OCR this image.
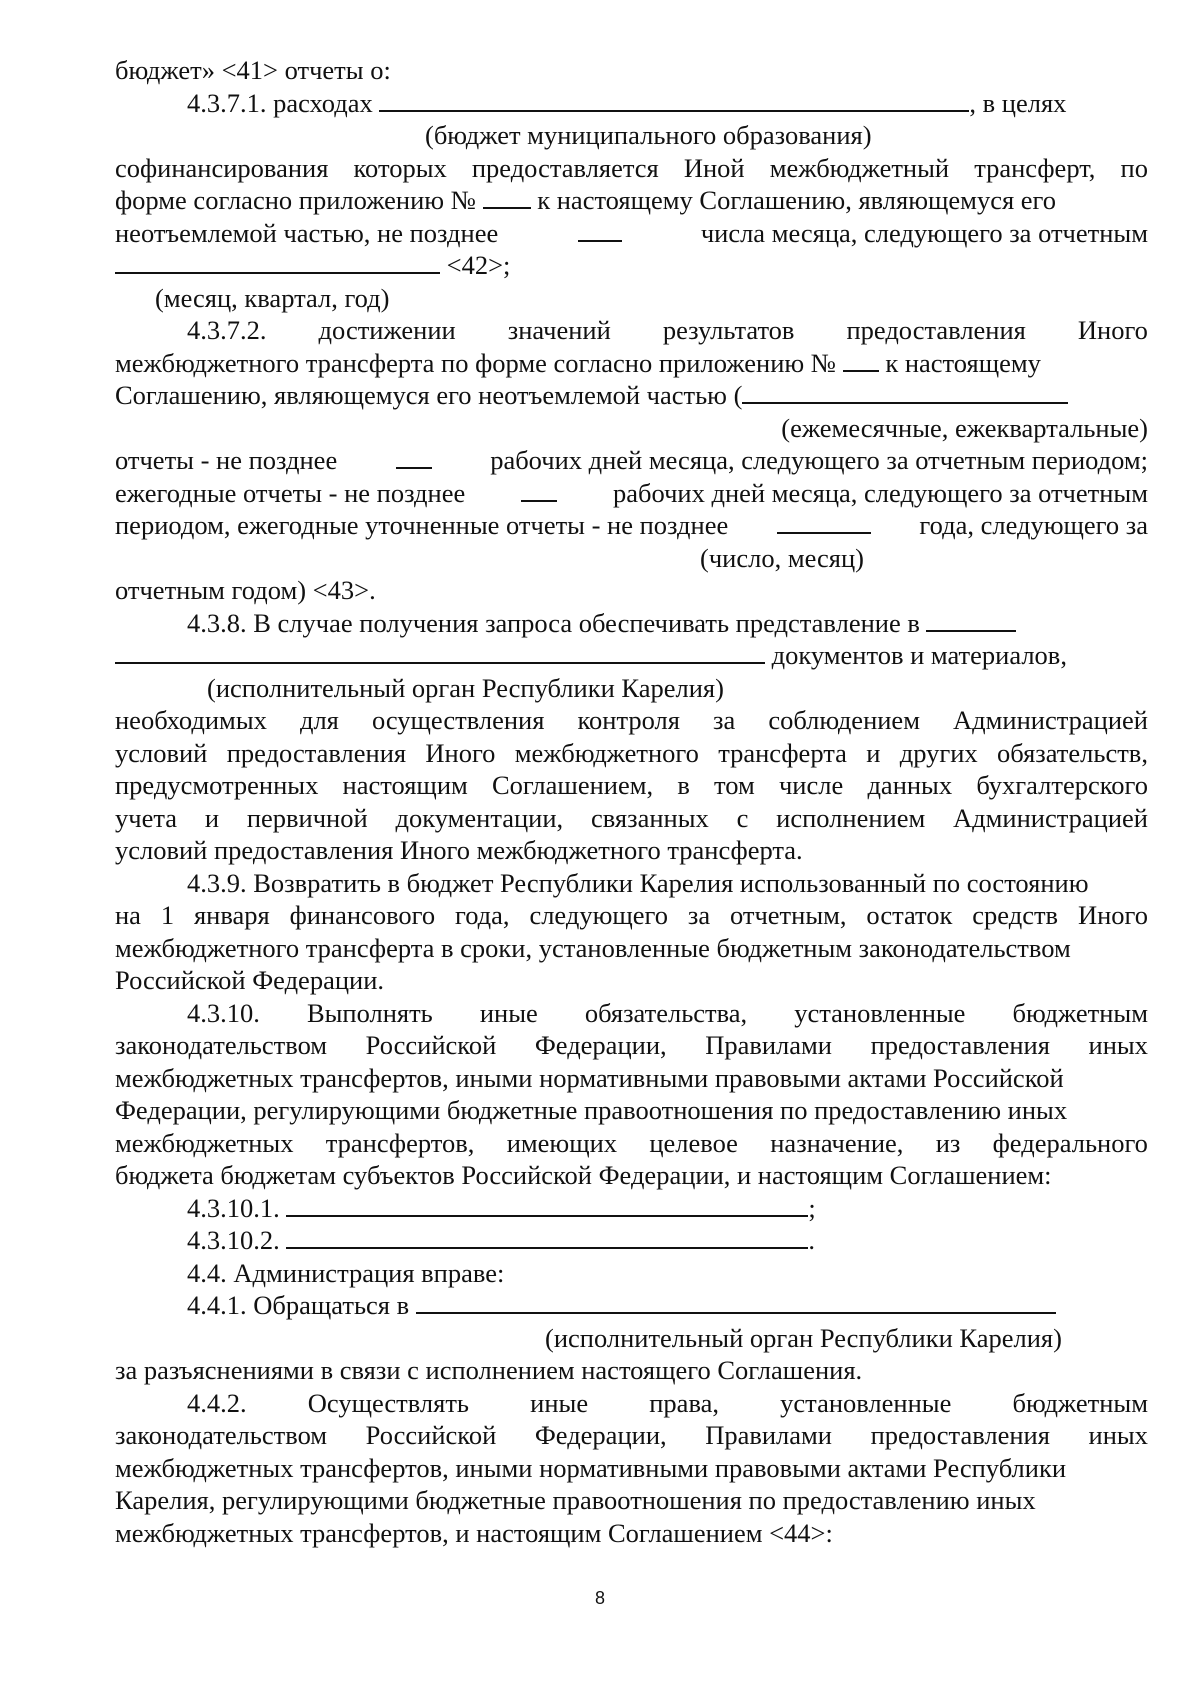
бюджет» <41> отчеты о:
4.3.7.1. расходах	, в целях
(бюджет муниципального образования)
софинансирования которых предоставляется Иной межбюджетный трансферт, по
форме согласно приложению № к настоящему Соглашению, являющемуся его
неотъемлемой частью, не позднее	числа месяца, следующего за отчетным
<42>;
(месяц, квартал, год)
4.3.7.2. достижении значений результатов предоставления Иного
межбюджетного трансферта по форме согласно приложению № к настоящему
Соглашению, являющемуся его неотъемлемой частью (
(ежемесячные, ежеквартальные)
отчеты - не позднее	рабочих дней месяца, следующего за отчетным периодом;
ежегодные отчеты - не позднее	рабочих дней месяца, следующего за отчетным
периодом, ежегодные уточненные отчеты - не позднее	года, следующего за
(число, месяц)
отчетным годом) <43>.
4.3.8. В случае получения запроса обеспечивать представление в
документов и материалов,
(исполнительный орган Республики Карелия)
необходимых для осуществления контроля за соблюдением Администрацией
условий предоставления Иного межбюджетного трансферта и других обязательств,
предусмотренных настоящим Соглашением, в том числе данных бухгалтерского
учета и первичной документации, связанных с исполнением Администрацией
условий предоставления Иного межбюджетного трансферта.
4.3.9. Возвратить в бюджет Республики Карелия использованный по состоянию
на 1 января финансового года, следующего за отчетным, остаток средств Иного
межбюджетного трансферта в сроки, установленные бюджетным законодательством
Российской Федерации.
4.3.10. Выполнять иные обязательства, установленные бюджетным
законодательством Российской Федерации, Правилами предоставления иных
межбюджетных трансфертов, иными нормативными правовыми актами Российской
Федерации, регулирующими бюджетные правоотношения по предоставлению иных
межбюджетных трансфертов, имеющих целевое назначение, из федерального
бюджета бюджетам субъектов Российской Федерации, и настоящим Соглашением:
4.3.10.1.	;
4.3.10.2.	.
4.4. Администрация вправе:
4.4.1. Обращаться в
(исполнительный орган Республики Карелия)
за разъяснениями в связи с исполнением настоящего Соглашения.
4.4.2. Осуществлять иные права, установленные бюджетным
законодательством Российской Федерации, Правилами предоставления иных
межбюджетных трансфертов, иными нормативными правовыми актами Республики
Карелия, регулирующими бюджетные правоотношения по предоставлению иных
межбюджетных трансфертов, и настоящим Соглашением <44>:
8
